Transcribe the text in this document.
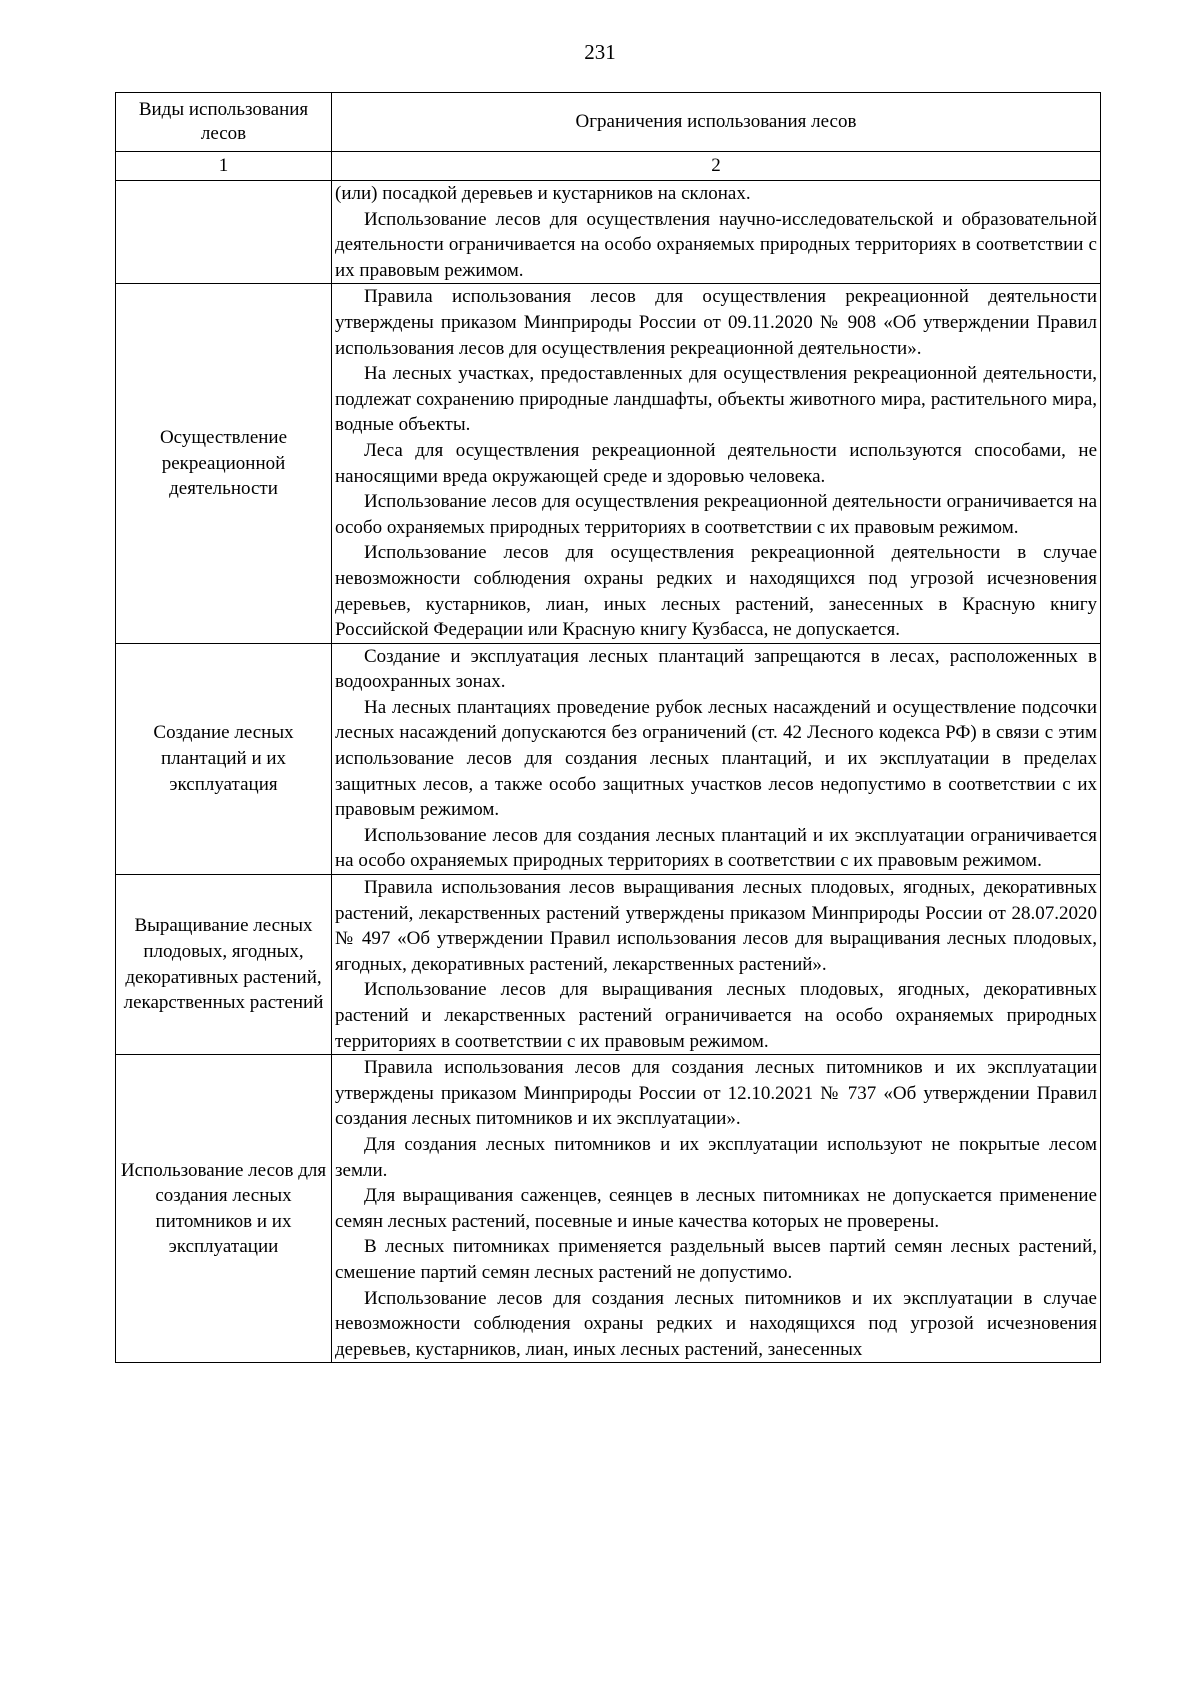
231
Виды использования лесов	Ограничения использования лесов
1	2

	(или) посадкой деревьев и кустарников на склонах.

Использование лесов для осуществления научно-исследовательской и образовательной деятельности ограничивается на особо охраняемых природных территориях в соответствии с их правовым режимом.

Осуществление рекреационной деятельности	Правила использования лесов для осуществления рекреационной деятельности утверждены приказом Минприроды России от 09.11.2020 № 908 «Об утверждении Правил использования лесов для осуществления рекреационной деятельности».

На лесных участках, предоставленных для осуществления рекреационной деятельности, подлежат сохранению природные ландшафты, объекты животного мира, растительного мира, водные объекты.

Леса для осуществления рекреационной деятельности используются способами, не наносящими вреда окружающей среде и здоровью человека.

Использование лесов для осуществления рекреационной деятельности ограничивается на особо охраняемых природных территориях в соответствии с их правовым режимом.

Использование лесов для осуществления рекреационной деятельности в случае невозможности соблюдения охраны редких и находящихся под угрозой исчезновения деревьев, кустарников, лиан, иных лесных растений, занесенных в Красную книгу Российской Федерации или Красную книгу Кузбасса, не допускается.

Создание лесных плантаций и их эксплуатация	Создание и эксплуатация лесных плантаций запрещаются в лесах, расположенных в водоохранных зонах.

На лесных плантациях проведение рубок лесных насаждений и осуществление подсочки лесных насаждений допускаются без ограничений (ст. 42 Лесного кодекса РФ) в связи с этим использование лесов для создания лесных плантаций, и их эксплуатации в пределах защитных лесов, а также особо защитных участков лесов недопустимо в соответствии с их правовым режимом.

Использование лесов для создания лесных плантаций и их эксплуатации ограничивается на особо охраняемых природных территориях в соответствии с их правовым режимом.

Выращивание лесных плодовых, ягодных, декоративных растений, лекарственных растений	Правила использования лесов выращивания лесных плодовых, ягодных, декоративных растений, лекарственных растений утверждены приказом Минприроды России от 28.07.2020 № 497 «Об утверждении Правил использования лесов для выращивания лесных плодовых, ягодных, декоративных растений, лекарственных растений».

Использование лесов для выращивания лесных плодовых, ягодных, декоративных растений и лекарственных растений ограничивается на особо охраняемых природных территориях в соответствии с их правовым режимом.

Использование лесов для создания лесных питомников и их эксплуатации	Правила использования лесов для создания лесных питомников и их эксплуатации утверждены приказом Минприроды России от 12.10.2021 № 737 «Об утверждении Правил создания лесных питомников и их эксплуатации».

Для создания лесных питомников и их эксплуатации используют не покрытые лесом земли.

Для выращивания саженцев, сеянцев в лесных питомниках не допускается применение семян лесных растений, посевные и иные качества которых не проверены.

В лесных питомниках применяется раздельный высев партий семян лесных растений, смешение партий семян лесных растений не допустимо.

Использование лесов для создания лесных питомников и их эксплуатации в случае невозможности соблюдения охраны редких и находящихся под угрозой исчезновения деревьев, кустарников, лиан, иных лесных растений, занесенных
